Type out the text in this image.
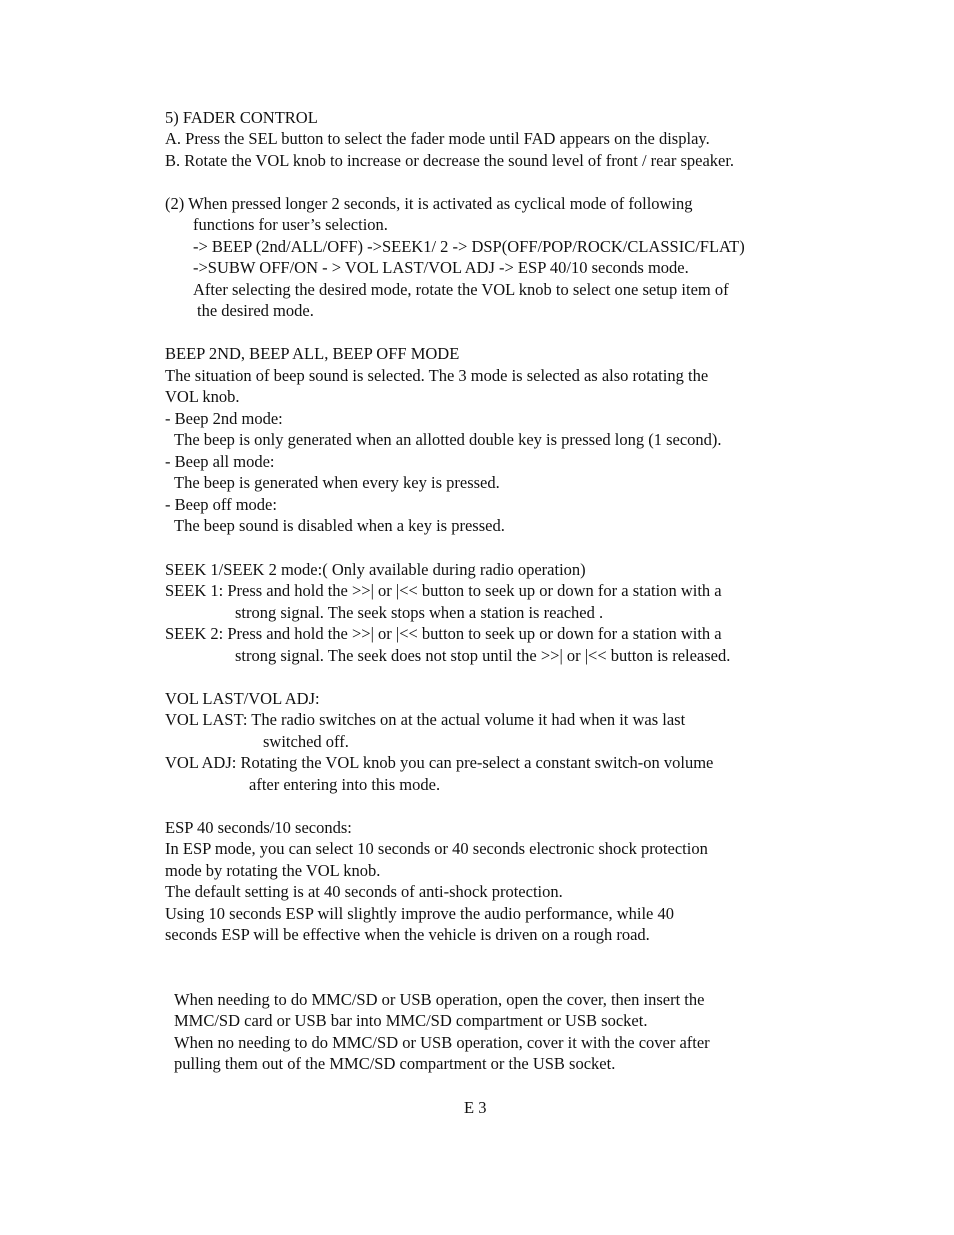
5) FADER CONTROL
A. Press the SEL button to select the fader mode until FAD appears on the display.
B. Rotate the VOL knob to increase or decrease the sound level of front / rear speaker.
(2) When pressed longer 2 seconds, it is activated as cyclical mode of following
functions for user’s selection.
-> BEEP (2nd/ALL/OFF) ->SEEK1/ 2 -> DSP(OFF/POP/ROCK/CLASSIC/FLAT)
->SUBW OFF/ON - > VOL LAST/VOL ADJ -> ESP 40/10 seconds mode.
After selecting the desired mode, rotate the VOL knob to select one setup item of
the desired mode.
BEEP 2ND, BEEP ALL, BEEP OFF MODE
The situation of beep sound is selected. The 3 mode is selected as also rotating the
VOL knob.
- Beep 2nd mode:
The beep is only generated when an allotted double key is pressed long (1 second).
- Beep all mode:
The beep is generated when every key is pressed.
- Beep off mode:
The beep sound is disabled when a key is pressed.
SEEK 1/SEEK 2 mode:( Only available during radio operation)
SEEK 1: Press and hold the >>| or |<< button to seek up or down for a station with a
strong signal. The seek stops when a station is reached .
SEEK 2: Press and hold the >>| or |<< button to seek up or down for a station with a
strong signal. The seek does not stop until the >>| or |<< button is released.
VOL LAST/VOL ADJ:
VOL LAST: The radio switches on at the actual volume it had when it was last
switched off.
VOL ADJ: Rotating the VOL knob you can pre-select a constant switch-on volume
after entering into this mode.
ESP 40 seconds/10 seconds:
In ESP mode, you can select 10 seconds or 40 seconds electronic shock protection
mode by rotating the VOL knob.
The default setting is at 40 seconds of anti-shock protection.
Using 10 seconds ESP will slightly improve the audio performance, while 40
seconds ESP will be effective when the vehicle is driven on a rough road.
When needing to do MMC/SD or USB operation, open the cover, then insert the
MMC/SD card or USB bar into MMC/SD compartment or USB socket.
When no needing to do MMC/SD or USB operation, cover it with the cover after
pulling them out of the MMC/SD compartment or the USB socket.
E 3
